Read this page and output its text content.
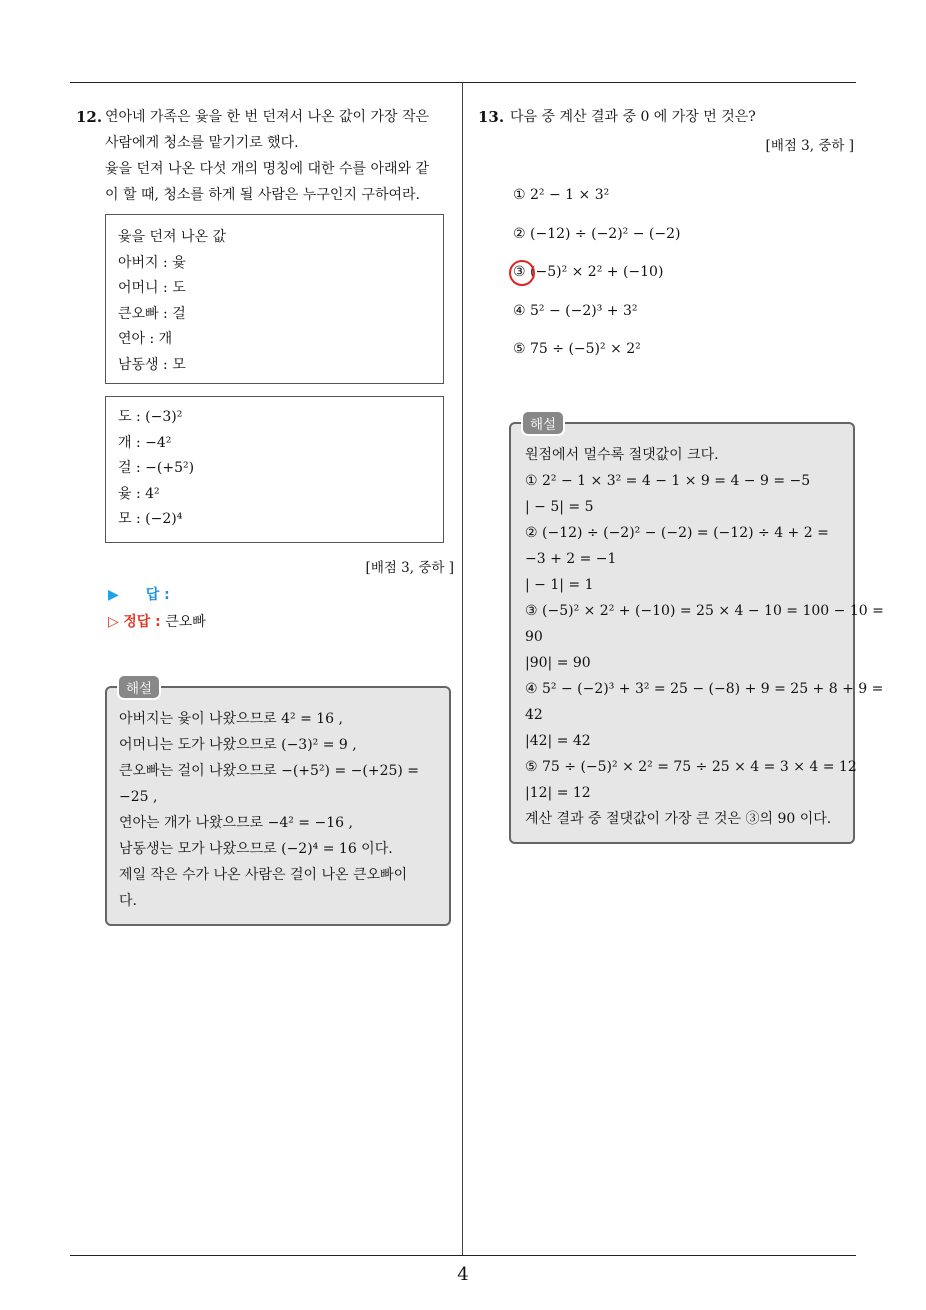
4
12. 연아네 가족은 윷을 한 번 던져서 나온 값이 가장 작은
사람에게 청소를 맡기기로 했다.
윷을 던져 나온 다섯 개의 명칭에 대한 수를 아래와 같
이 할 때, 청소를 하게 될 사람은 누구인지 구하여라.
윷을 던져 나온 값
아버지 : 윷
어머니 : 도
큰오빠 : 걸
연아 : 개
남동생 : 모
도 : (−3)²
개 : −4²
걸 : −(+5²)
윷 : 4²
모 : (−2)⁴
[배점 3, 중하 ]
▶ 답 :
▷ 정답 : 큰오빠
아버지는 윷이 나왔으므로 4² = 16 ,
어머니는 도가 나왔으므로 (−3)² = 9 ,
큰오빠는 걸이 나왔으므로 −(+5²) = −(+25) =
−25 ,
연아는 개가 나왔으므로 −4² = −16 ,
남동생는 모가 나왔으므로 (−2)⁴ = 16 이다.
제일 작은 수가 나온 사람은 걸이 나온 큰오빠이
다.
해설
13. 다음 중 계산 결과 중 0 에 가장 먼 것은?
[배점 3, 중하 ]
① 2² − 1 × 3²
② (−12) ÷ (−2)² − (−2)
③ (−5)² × 2² + (−10)
④ 5² − (−2)³ + 3²
⑤ 75 ÷ (−5)² × 2²
원점에서 멀수록 절댓값이 크다.
① 2² − 1 × 3² = 4 − 1 × 9 = 4 − 9 = −5
| − 5| = 5
② (−12) ÷ (−2)² − (−2) = (−12) ÷ 4 + 2 =
−3 + 2 = −1
| − 1| = 1
③ (−5)² × 2² + (−10) = 25 × 4 − 10 = 100 − 10 =
90
|90| = 90
④ 5² − (−2)³ + 3² = 25 − (−8) + 9 = 25 + 8 + 9 =
42
|42| = 42
⑤ 75 ÷ (−5)² × 2² = 75 ÷ 25 × 4 = 3 × 4 = 12
|12| = 12
계산 결과 중 절댓값이 가장 큰 것은 ③의 90 이다.
해설
